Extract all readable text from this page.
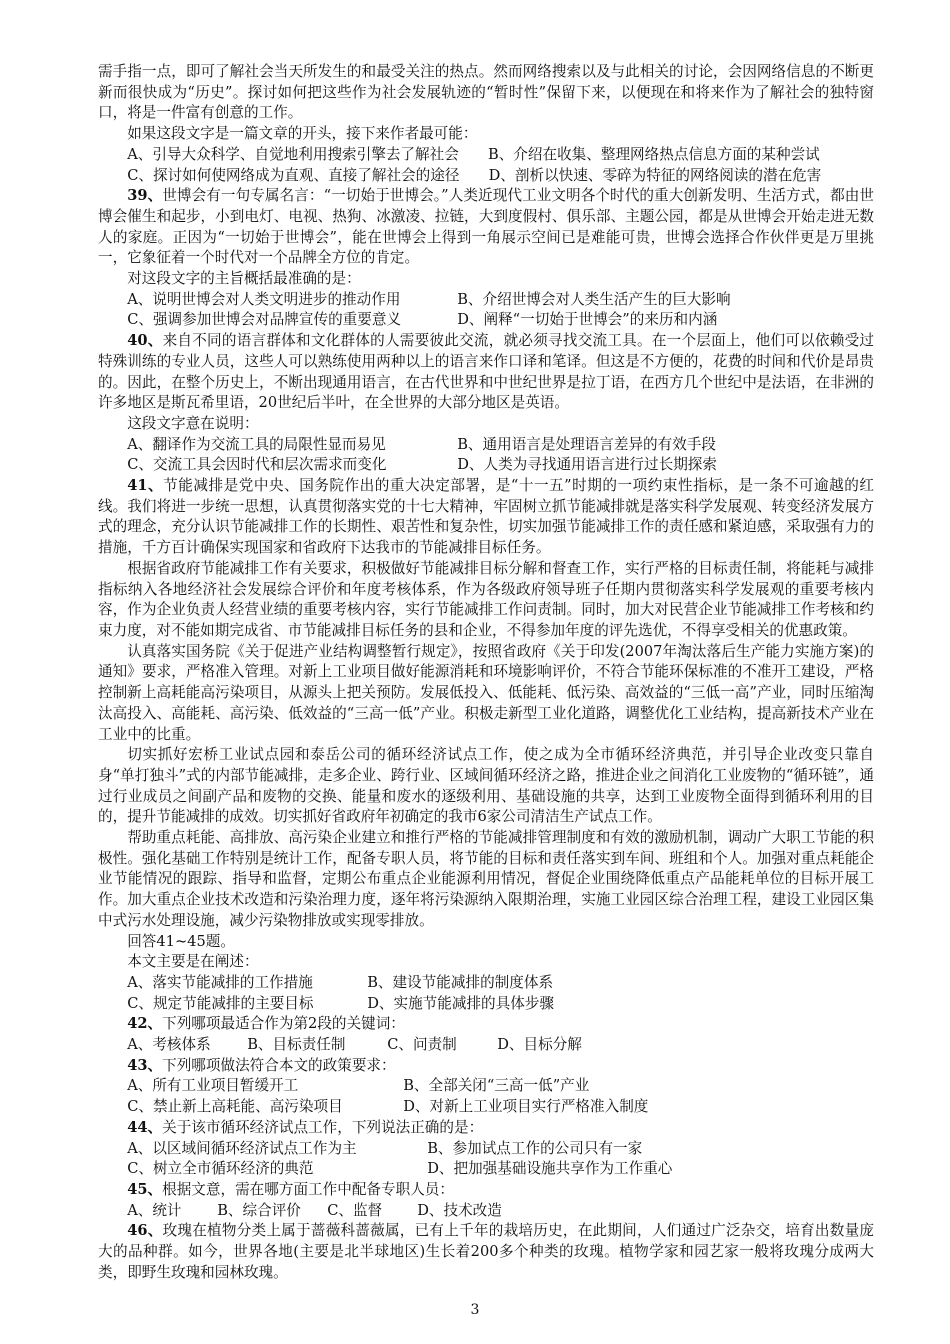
需手指一点，即可了解社会当天所发生的和最受关注的热点。然而网络搜索以及与此相关的讨论，会因网络信息的不断更新而很快成为“历史”。探讨如何把这些作为社会发展轨迹的“暂时性”保留下来，以便现在和将来作为了解社会的独特窗口，将是一件富有创意的工作。

如果这段文字是一篇文章的开头，接下来作者最可能：

A、引导大众科学、自觉地利用搜索引擎去了解社会　　B、介绍在收集、整理网络热点信息方面的某种尝试

C、探讨如何使网络成为直观、直接了解社会的途径　　D、剖析以快速、零碎为特征的网络阅读的潜在危害

39、世博会有一句专属名言：“一切始于世博会。”人类近现代工业文明各个时代的重大创新发明、生活方式，都由世博会催生和起步，小到电灯、电视、热狗、冰激凌、拉链，大到度假村、俱乐部、主题公园，都是从世博会开始走进无数人的家庭。正因为“一切始于世博会”，能在世博会上得到一角展示空间已是难能可贵，世博会选择合作伙伴更是万里挑一，它象征着一个时代对一个品牌全方位的肯定。

对这段文字的主旨概括最准确的是：

A、说明世博会对人类文明进步的推动作用	B、介绍世博会对人类生活产生的巨大影响

C、强调参加世博会对品牌宣传的重要意义	D、阐释“一切始于世博会”的来历和内涵

40、来自不同的语言群体和文化群体的人需要彼此交流，就必须寻找交流工具。在一个层面上，他们可以依赖受过特殊训练的专业人员，这些人可以熟练使用两种以上的语言来作口译和笔译。但这是不方便的，花费的时间和代价是昂贵的。因此，在整个历史上，不断出现通用语言，在古代世界和中世纪世界是拉丁语，在西方几个世纪中是法语，在非洲的许多地区是斯瓦希里语，20世纪后半叶，在全世界的大部分地区是英语。

这段文字意在说明：

A、翻译作为交流工具的局限性显而易见	B、通用语言是处理语言差异的有效手段

C、交流工具会因时代和层次需求而变化	D、人类为寻找通用语言进行过长期探索

41、节能减排是党中央、国务院作出的重大决定部署，是“十一五”时期的一项约束性指标，是一条不可逾越的红线。我们将进一步统一思想，认真贯彻落实党的十七大精神，牢固树立抓节能减排就是落实科学发展观、转变经济发展方式的理念，充分认识节能减排工作的长期性、艰苦性和复杂性，切实加强节能减排工作的责任感和紧迫感，采取强有力的措施，千方百计确保实现国家和省政府下达我市的节能减排目标任务。

根据省政府节能减排工作有关要求，积极做好节能减排目标分解和督查工作，实行严格的目标责任制，将能耗与减排指标纳入各地经济社会发展综合评价和年度考核体系，作为各级政府领导班子任期内贯彻落实科学发展观的重要考核内容，作为企业负责人经营业绩的重要考核内容，实行节能减排工作问责制。同时，加大对民营企业节能减排工作考核和约束力度，对不能如期完成省、市节能减排目标任务的县和企业，不得参加年度的评先选优，不得享受相关的优惠政策。

认真落实国务院《关于促进产业结构调整暂行规定》，按照省政府《关于印发(2007年淘汰落后生产能力实施方案)的通知》要求，严格准入管理。对新上工业项目做好能源消耗和环境影响评价，不符合节能环保标准的不准开工建设，严格控制新上高耗能高污染项目，从源头上把关预防。发展低投入、低能耗、低污染、高效益的“三低一高”产业，同时压缩淘汰高投入、高能耗、高污染、低效益的“三高一低”产业。积极走新型工业化道路，调整优化工业结构，提高新技术产业在工业中的比重。

切实抓好宏桥工业试点园和泰岳公司的循环经济试点工作，使之成为全市循环经济典范，并引导企业改变只靠自身“单打独斗”式的内部节能减排，走多企业、跨行业、区域间循环经济之路，推进企业之间消化工业废物的“循环链”，通过行业成员之间副产品和废物的交换、能量和废水的逐级利用、基础设施的共享，达到工业废物全面得到循环利用的目的，提升节能减排的成效。切实抓好省政府年初确定的我市6家公司清洁生产试点工作。

帮助重点耗能、高排放、高污染企业建立和推行严格的节能减排管理制度和有效的激励机制，调动广大职工节能的积极性。强化基础工作特别是统计工作，配备专职人员，将节能的目标和责任落实到车间、班组和个人。加强对重点耗能企业节能情况的跟踪、指导和监督，定期公布重点企业能源利用情况，督促企业围绕降低重点产品能耗单位的目标开展工作。加大重点企业技术改造和污染治理力度，逐年将污染源纳入限期治理，实施工业园区综合治理工程，建设工业园区集中式污水处理设施，减少污染物排放或实现零排放。

回答41~45题。

本文主要是在阐述：

A、落实节能减排的工作措施	B、建设节能减排的制度体系

C、规定节能减排的主要目标	D、实施节能减排的具体步骤

42、下列哪项最适合作为第2段的关键词：

A、考核体系 B、目标责任制	C、问责制	D、目标分解

43、下列哪项做法符合本文的政策要求：

A、所有工业项目暂缓开工	B、全部关闭“三高一低”产业

C、禁止新上高耗能、高污染项目	D、对新上工业项目实行严格准入制度

44、关于该市循环经济试点工作，下列说法正确的是：

A、以区域间循环经济试点工作为主	B、参加试点工作的公司只有一家

C、树立全市循环经济的典范	D、把加强基础设施共享作为工作重心

45、根据文意，需在哪方面工作中配备专职人员：

A、统计 B、综合评价 C、监督 D、技术改造

46、玫瑰在植物分类上属于蔷薇科蔷薇属，已有上千年的栽培历史，在此期间，人们通过广泛杂交，培育出数量庞大的品种群。如今，世界各地(主要是北半球地区)生长着200多个种类的玫瑰。植物学家和园艺家一般将玫瑰分成两大类，即野生玫瑰和园林玫瑰。

3
